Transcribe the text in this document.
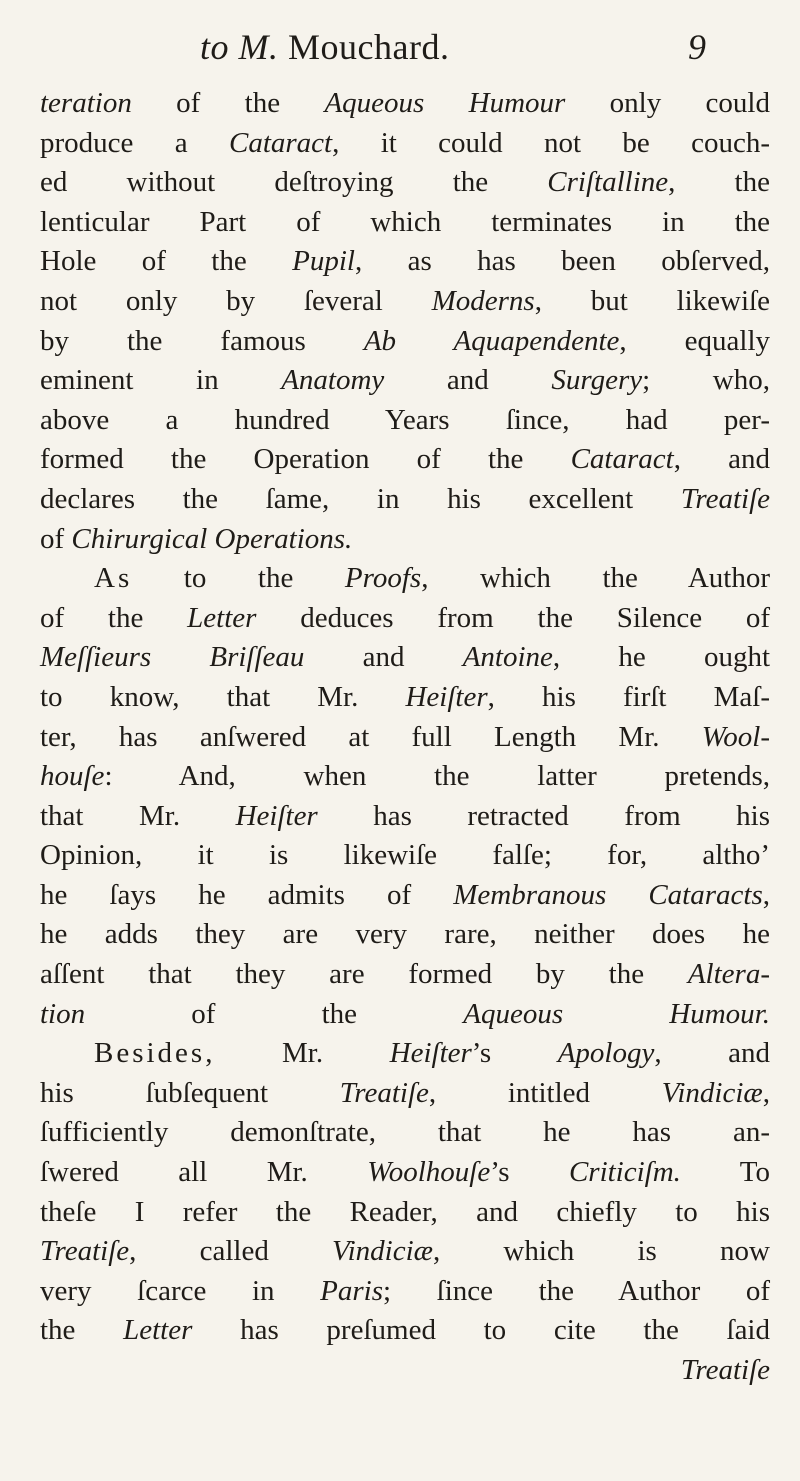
to M. Mouchard.	9
teration of the Aqueous Humour only could
produce a Cataract, it could not be couch-
ed without deſtroying the Criſtalline, the
lenticular Part of which terminates in the
Hole of the Pupil, as has been obſerved,
not only by ſeveral Moderns, but likewiſe
by the famous Ab Aquapendente, equally
eminent in Anatomy and Surgery; who,
above a hundred Years ſince, had per-
formed the Operation of the Cataract, and
declares the ſame, in his excellent Treatiſe
of Chirurgical Operations.
As to the Proofs, which the Author
of the Letter deduces from the Silence of
Meſſieurs Briſſeau and Antoine, he ought
to know, that Mr. Heiſter, his firſt Maſ-
ter, has anſwered at full Length Mr. Wool-
houſe: And, when the latter pretends,
that Mr. Heiſter has retracted from his
Opinion, it is likewiſe falſe; for, altho’
he ſays he admits of Membranous Cataracts,
he adds they are very rare, neither does he
aſſent that they are formed by the Altera-
tion of the Aqueous Humour.
Besides, Mr. Heiſter’s Apology, and
his ſubſequent Treatiſe, intitled Vindiciæ,
ſufficiently demonſtrate, that he has an-
ſwered all Mr. Woolhouſe’s Criticiſm. To
theſe I refer the Reader, and chiefly to his
Treatiſe, called Vindiciæ, which is now
very ſcarce in Paris; ſince the Author of
the Letter has preſumed to cite the ſaid
Treatiſe
